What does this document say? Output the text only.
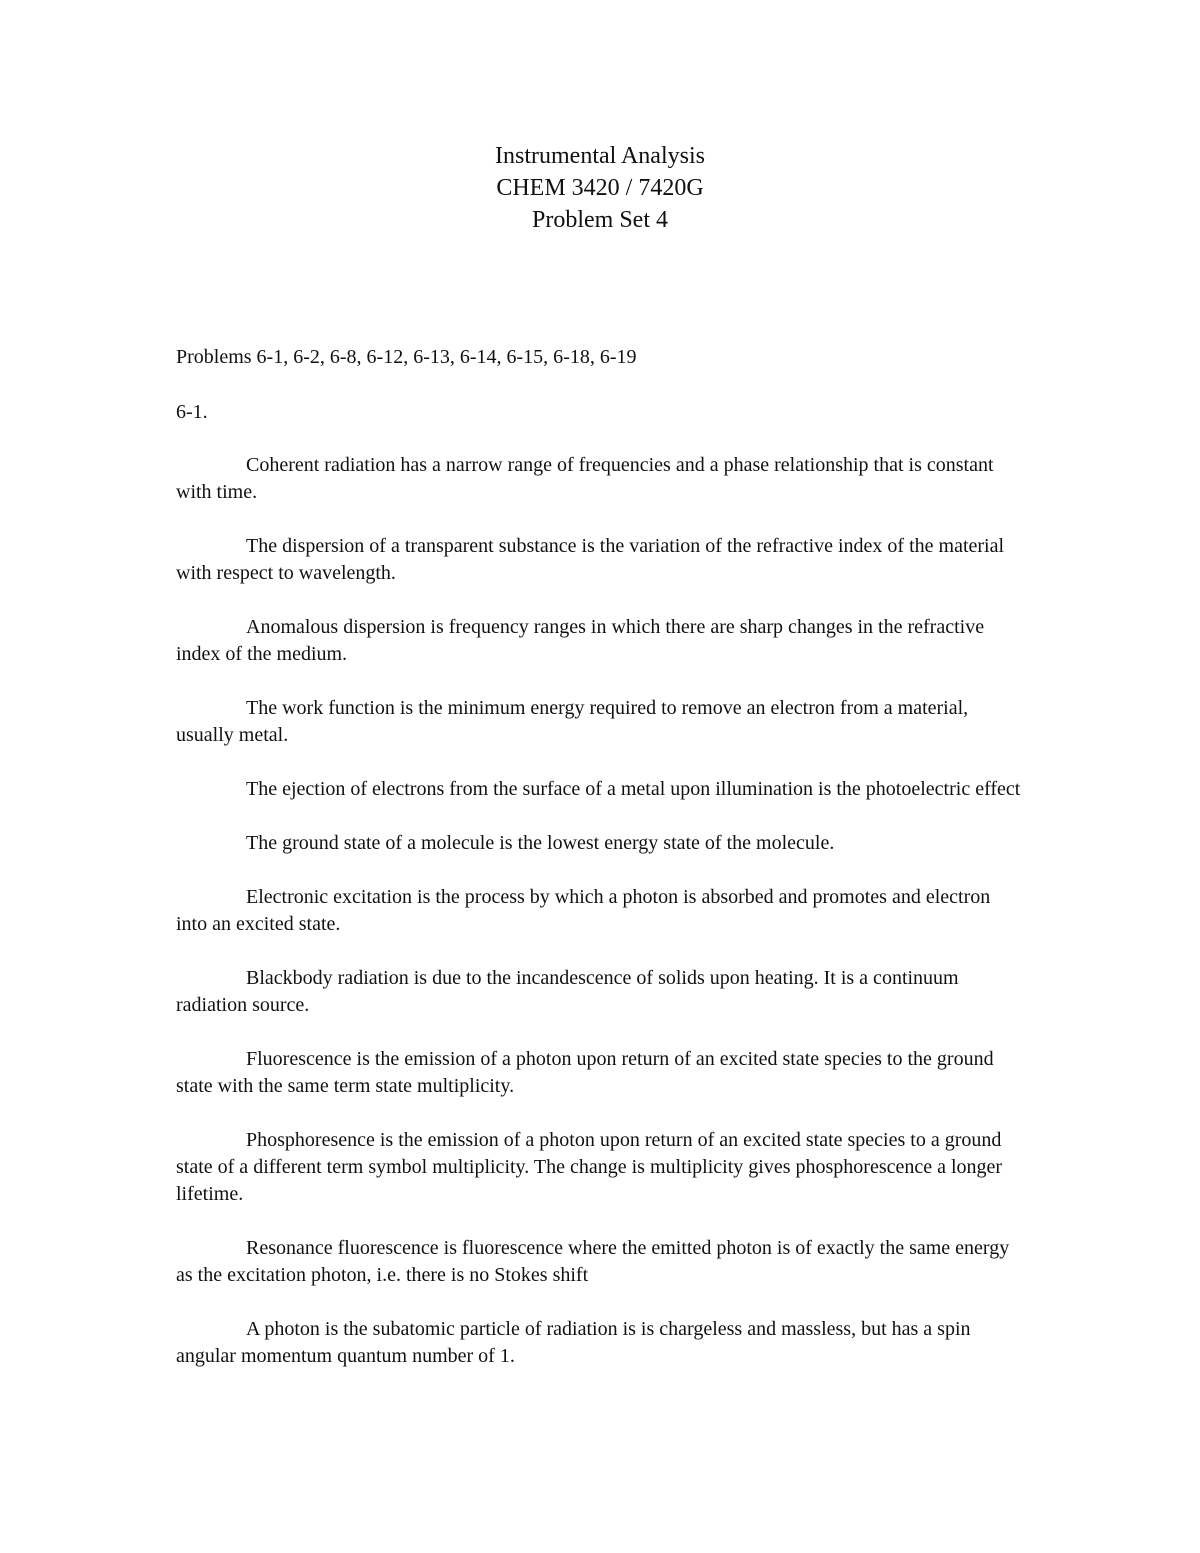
Instrumental Analysis
CHEM 3420 / 7420G
Problem Set 4

Problems 6-1, 6-2, 6-8, 6-12, 6-13, 6-14, 6-15, 6-18, 6-19

6-1.

Coherent radiation has a narrow range of frequencies and a phase relationship that is constant with time.

The dispersion of a transparent substance is the variation of the refractive index of the material with respect to wavelength.

Anomalous dispersion is frequency ranges in which there are sharp changes in the refractive index of the medium.

The work function is the minimum energy required to remove an electron from a material, usually metal.

The ejection of electrons from the surface of a metal upon illumination is the photoelectric effect

The ground state of a molecule is the lowest energy state of the molecule.

Electronic excitation is the process by which a photon is absorbed and promotes and electron into an excited state.

Blackbody radiation is due to the incandescence of solids upon heating. It is a continuum radiation source.

Fluorescence is the emission of a photon upon return of an excited state species to the ground state with the same term state multiplicity.

Phosphoresence is the emission of a photon upon return of an excited state species to a ground state of a different term symbol multiplicity. The change is multiplicity gives phosphorescence a longer lifetime.

Resonance fluorescence is fluorescence where the emitted photon is of exactly the same energy as the excitation photon, i.e. there is no Stokes shift

A photon is the subatomic particle of radiation is is chargeless and massless, but has a spin angular momentum quantum number of 1.
